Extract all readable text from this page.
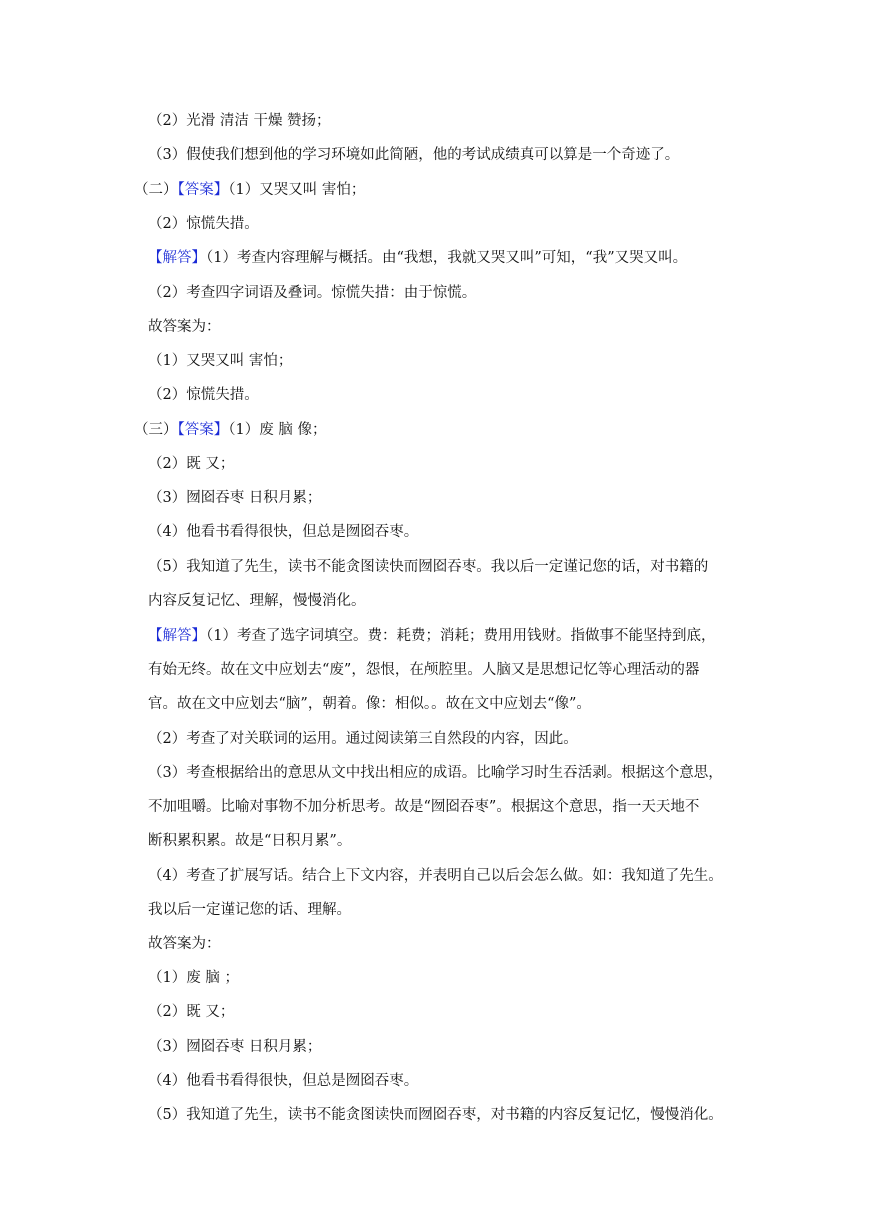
（2）光滑 清洁 干燥 赞扬；
（3）假使我们想到他的学习环境如此简陋，他的考试成绩真可以算是一个奇迹了。
（二）【答案】（1）又哭又叫 害怕；
（2）惊慌失措。
【解答】（1）考查内容理解与概括。由“我想，我就又哭又叫”可知，“我”又哭又叫。
（2）考查四字词语及叠词。惊慌失措：由于惊慌。
故答案为：
（1）又哭又叫 害怕；
（2）惊慌失措。
（三）【答案】（1）废 脑 像；
（2）既 又；
（3）囫囵吞枣 日积月累；
（4）他看书看得很快，但总是囫囵吞枣。
（5）我知道了先生，读书不能贪图读快而囫囵吞枣。我以后一定谨记您的话，对书籍的
内容反复记忆、理解，慢慢消化。
【解答】（1）考查了选字词填空。费：耗费；消耗；费用用钱财。指做事不能坚持到底，
有始无终。故在文中应划去“废”，怨恨，在颅腔里。人脑又是思想记忆等心理活动的器
官。故在文中应划去“脑”，朝着。像：相似。。故在文中应划去“像”。
（2）考查了对关联词的运用。通过阅读第三自然段的内容，因此。
（3）考查根据给出的意思从文中找出相应的成语。比喻学习时生吞活剥。根据这个意思，
不加咀嚼。比喻对事物不加分析思考。故是“囫囵吞枣”。根据这个意思，指一天天地不
断积累积累。故是“日积月累”。
（4）考查了扩展写话。结合上下文内容，并表明自己以后会怎么做。如：我知道了先生。
我以后一定谨记您的话、理解。
故答案为：
（1）废 脑 ；
（2）既 又；
（3）囫囵吞枣 日积月累；
（4）他看书看得很快，但总是囫囵吞枣。
（5）我知道了先生，读书不能贪图读快而囫囵吞枣，对书籍的内容反复记忆，慢慢消化。
